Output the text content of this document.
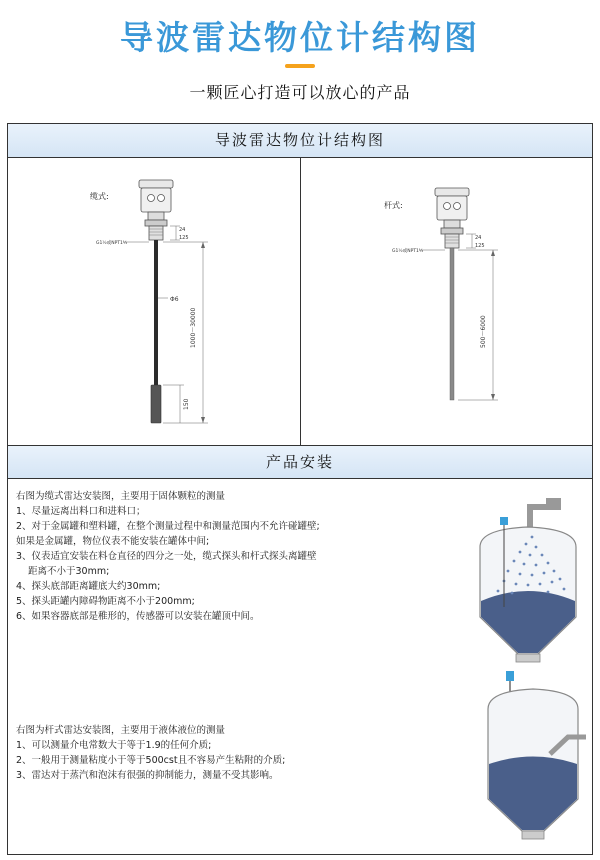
导波雷达物位计结构图
一颗匠心打造可以放心的产品
导波雷达物位计结构图
缆式:
G1½或NPT1½
24
125
Φ6
1000～30000
150
杆式:
G1½或NPT1½
24
125
500～6000
产品安装
右图为缆式雷达安装图，主要用于固体颗粒的测量
1、尽量远离出料口和进料口；
2、对于金属罐和塑料罐，在整个测量过程中和测量范围内不允许碰罐壁;
如果是金属罐，物位仪表不能安装在罐体中间;
3、仪表适宜安装在料仓直径的四分之一处，缆式探头和杆式探头离罐壁
距离不小于30mm;
4、探头底部距离罐底大约30mm;
5、探头距罐内障碍物距离不小于200mm;
6、如果容器底部是稚形的，传感器可以安装在罐顶中间。
右图为杆式雷达安装图，主要用于液体液位的测量
1、可以测量介电常数大于等于1.9的任何介质;
2、一般用于测量粘度小于等于500cst且不容易产生粘附的介质;
3、雷达对于蒸汽和泡沫有很强的抑制能力，测量不受其影响。
